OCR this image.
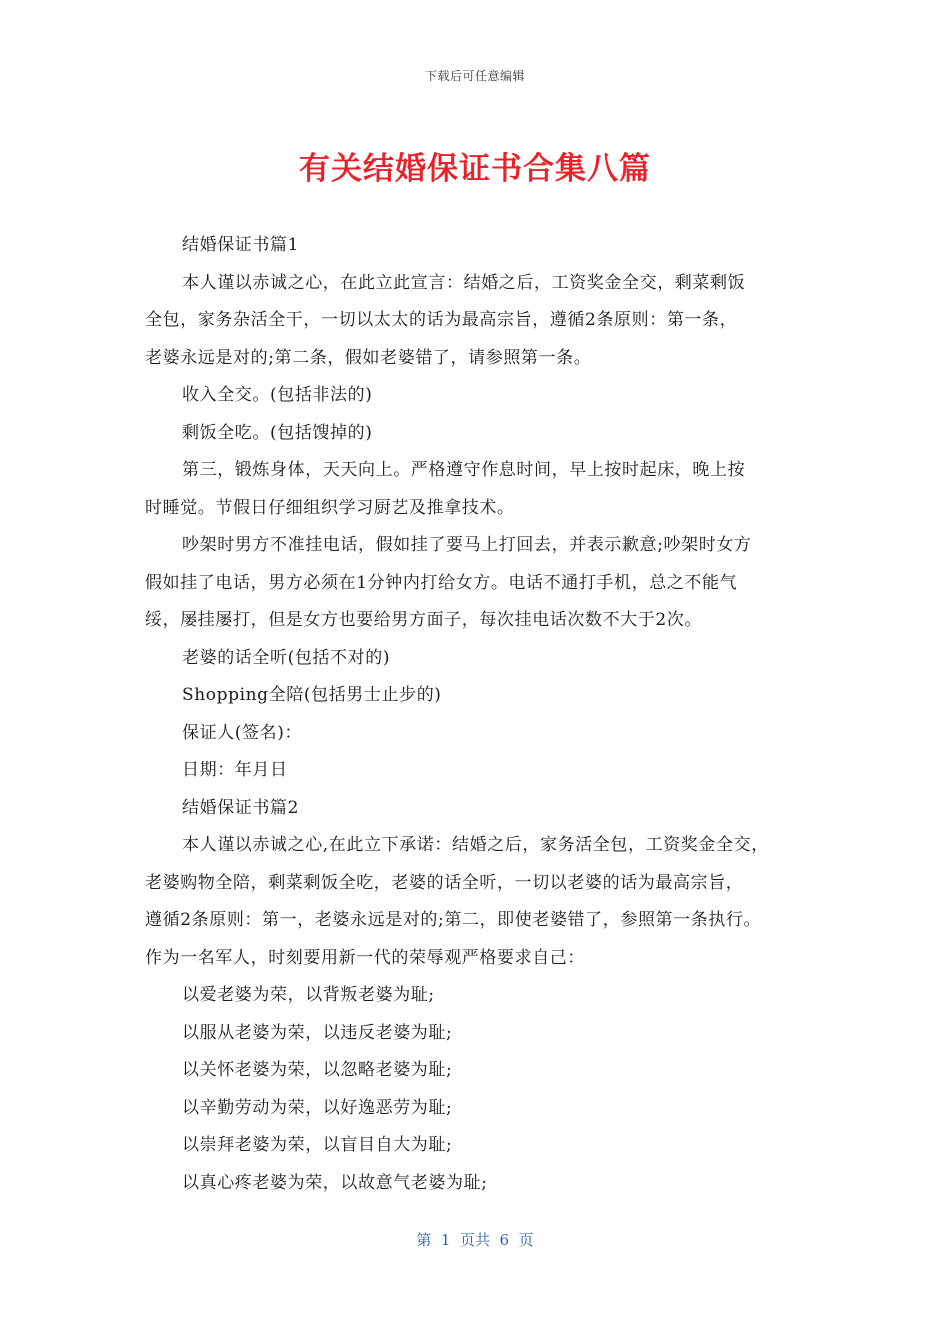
下载后可任意编辑
有关结婚保证书合集八篇
结婚保证书篇1
本人谨以赤诚之心，在此立此宣言：结婚之后，工资奖金全交，剩菜剩饭
全包，家务杂活全干，一切以太太的话为最高宗旨，遵循2条原则：第一条，
老婆永远是对的;第二条，假如老婆错了，请参照第一条。
收入全交。(包括非法的)
剩饭全吃。(包括馊掉的)
第三，锻炼身体，天天向上。严格遵守作息时间，早上按时起床，晚上按
时睡觉。节假日仔细组织学习厨艺及推拿技术。
吵架时男方不准挂电话，假如挂了要马上打回去，并表示歉意;吵架时女方
假如挂了电话，男方必须在1分钟内打给女方。电话不通打手机，总之不能气
绥，屡挂屡打，但是女方也要给男方面子，每次挂电话次数不大于2次。
老婆的话全听(包括不对的)
Shopping全陪(包括男士止步的)
保证人(签名)：
日期：年月日
结婚保证书篇2
本人谨以赤诚之心,在此立下承诺：结婚之后，家务活全包，工资奖金全交，
老婆购物全陪，剩菜剩饭全吃，老婆的话全听，一切以老婆的话为最高宗旨，
遵循2条原则：第一，老婆永远是对的;第二，即使老婆错了，参照第一条执行。
作为一名军人，时刻要用新一代的荣辱观严格要求自己：
以爱老婆为荣，以背叛老婆为耻;
以服从老婆为荣，以违反老婆为耻;
以关怀老婆为荣，以忽略老婆为耻;
以辛勤劳动为荣，以好逸恶劳为耻;
以崇拜老婆为荣，以盲目自大为耻;
以真心疼老婆为荣，以故意气老婆为耻;
第  1  页共  6  页
